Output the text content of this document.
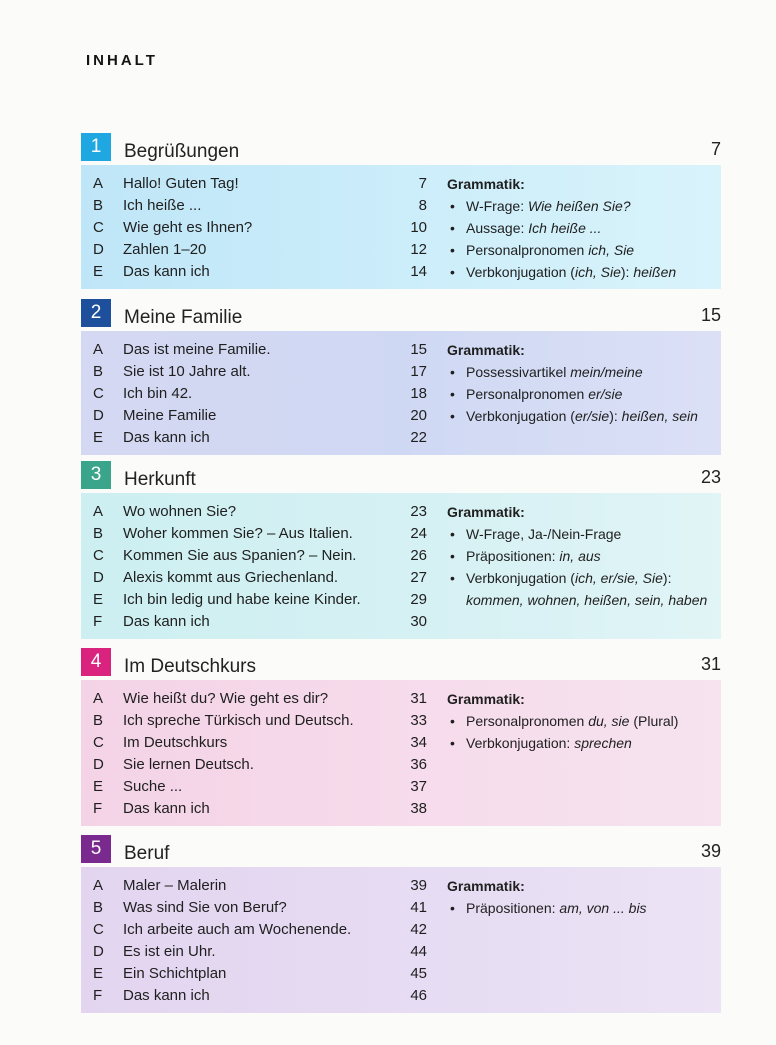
INHALT
1	Begrüßungen	7
A Hallo! Guten Tag!	7
B Ich heiße ...	8
C Wie geht es Ihnen?	10
D Zahlen 1–20	12
E Das kann ich	14
Grammatik:
• W-Frage: Wie heißen Sie?
• Aussage: Ich heiße ...
• Personalpronomen ich, Sie
• Verbkonjugation (ich, Sie): heißen
2	Meine Familie	15
A Das ist meine Familie.	15
B Sie ist 10 Jahre alt.	17
C Ich bin 42.	18
D Meine Familie	20
E Das kann ich	22
Grammatik:
• Possessivartikel mein/meine
• Personalpronomen er/sie
• Verbkonjugation (er/sie): heißen, sein
3	Herkunft	23
A Wo wohnen Sie?	23
B Woher kommen Sie? – Aus Italien.	24
C Kommen Sie aus Spanien? – Nein.	26
D Alexis kommt aus Griechenland.	27
E Ich bin ledig und habe keine Kinder.	29
F Das kann ich	30
Grammatik:
• W-Frage, Ja-/Nein-Frage
• Präpositionen: in, aus
• Verbkonjugation (ich, er/sie, Sie): kommen, wohnen, heißen, sein, haben
4	Im Deutschkurs	31
A Wie heißt du? Wie geht es dir?	31
B Ich spreche Türkisch und Deutsch.	33
C Im Deutschkurs	34
D Sie lernen Deutsch.	36
E Suche ...	37
F Das kann ich	38
Grammatik:
• Personalpronomen du, sie (Plural)
• Verbkonjugation: sprechen
5	Beruf	39
A Maler – Malerin	39
B Was sind Sie von Beruf?	41
C Ich arbeite auch am Wochenende.	42
D Es ist ein Uhr.	44
E Ein Schichtplan	45
F Das kann ich	46
Grammatik:
• Präpositionen: am, von ... bis
